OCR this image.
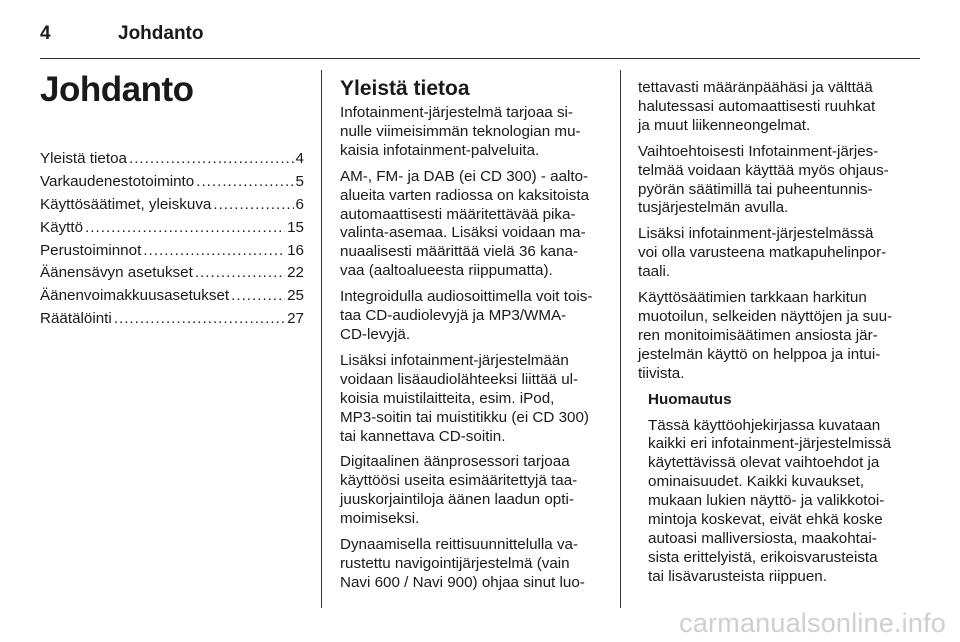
4	Johdanto
Johdanto
Yleistä tietoa .....	4
Varkaudenestotoiminto .....	5
Käyttösäätimet, yleiskuva .....	6
Käyttö .....	15
Perustoiminnot .....	16
Äänensävyn asetukset .....	22
Äänenvoimakkuusasetukset .....	25
Räätälöinti .....	27
Yleistä tietoa

Infotainment-järjestelmä tarjoaa si-
nulle viimeisimmän teknologian mu-
kaisia infotainment-palveluita.

AM-, FM- ja DAB (ei CD 300) - aalto-
alueita varten radiossa on kaksitoista
automaattisesti määritettävää pika-
valinta-asemaa. Lisäksi voidaan ma-
nuaalisesti määrittää vielä 36 kana-
vaa (aaltoalueesta riippumatta).

Integroidulla audiosoittimella voit tois-
taa CD-audiolevyjä ja MP3/WMA-
CD-levyjä.

Lisäksi infotainment-järjestelmään
voidaan lisäaudiolähteeksi liittää ul-
koisia muistilaitteita, esim. iPod,
MP3-soitin tai muistitikku (ei CD 300)
tai kannettava CD-soitin.

Digitaalinen äänprosessori tarjoaa
käyttöösi useita esimääritettyjä taa-
juuskorjaintiloja äänen laadun opti-
moimiseksi.

Dynaamisella reittisuunnittelulla va-
rustettu navigointijärjestelmä (vain
Navi 600 / Navi 900) ohjaa sinut luo-

tettavasti määränpäähäsi ja välttää
halutessasi automaattisesti ruuhkat
ja muut liikenneongelmat.

Vaihtoehtoisesti Infotainment-järjes-
telmää voidaan käyttää myös ohjaus-
pyörän säätimillä tai puheentunnis-
tusjärjestelmän avulla.

Lisäksi infotainment-järjestelmässä
voi olla varusteena matkapuhelinpor-
taali.

Käyttösäätimien tarkkaan harkitun
muotoilun, selkeiden näyttöjen ja suu-
ren monitoimisäätimen ansiosta jär-
jestelmän käyttö on helppoa ja intui-
tiivista.

Huomautus

Tässä käyttöohjekirjassa kuvataan
kaikki eri infotainment-järjestelmissä
käytettävissä olevat vaihtoehdot ja
ominaisuudet. Kaikki kuvaukset,
mukaan lukien näyttö- ja valikkotoi-
mintoja koskevat, eivät ehkä koske
autoasi malliversiosta, maakohtai-
sista erittelyistä, erikoisvarusteista
tai lisävarusteista riippuen.

carmanualsonline.info
